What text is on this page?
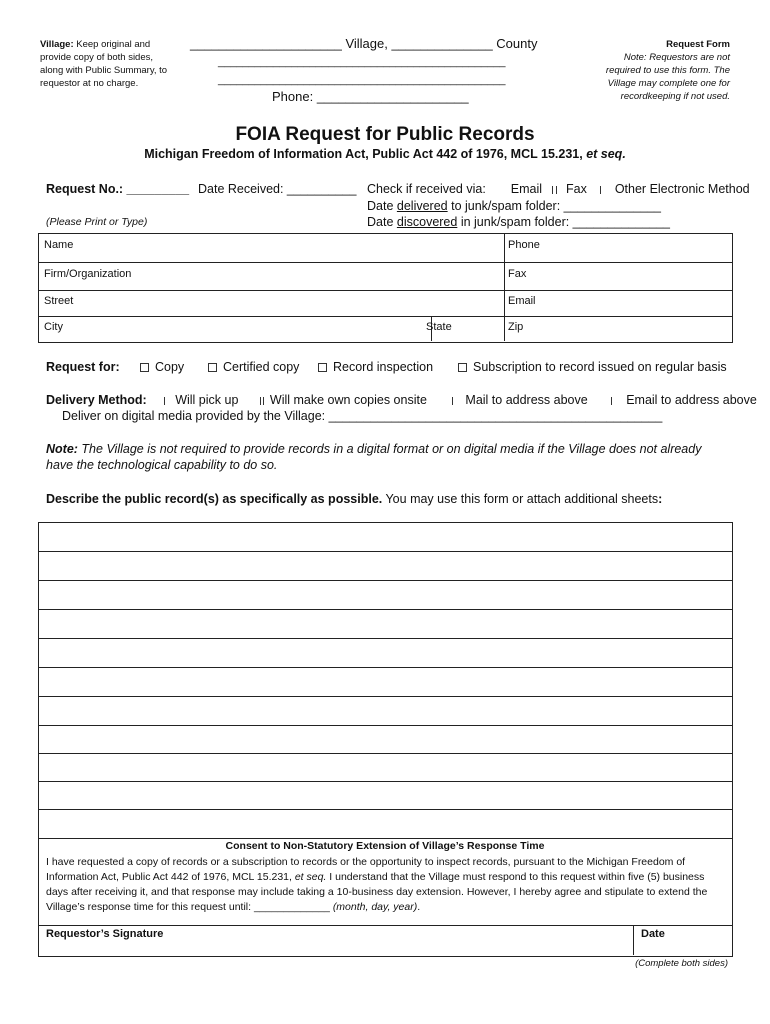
Village: Keep original and provide copy of both sides, along with Public Summary, to requestor at no charge.
_____________________ Village, ______________ County
_______________________________________________
_______________________________________________
Phone: _____________________
Request Form
Note: Requestors are not required to use this form. The Village may complete one for recordkeeping if not used.
FOIA Request for Public Records
Michigan Freedom of Information Act, Public Act 442 of 1976, MCL 15.231, et seq.
Request No.: _________ Date Received: __________ Check if received via: Email Fax Other Electronic Method
Date delivered to junk/spam folder: ______________
Date discovered in junk/spam folder: ______________
(Please Print or Type)
Name	Phone
Firm/Organization	Fax
Street	Email
City	State	Zip
Request for:	Copy	Certified copy	Record inspection	Subscription to record issued on regular basis
Delivery Method: Will pick up	Will make own copies onsite	Mail to address above	Email to address above
Deliver on digital media provided by the Village: ________________________________________________
Note: The Village is not required to provide records in a digital format or on digital media if the Village does not already have the technological capability to do so.
Describe the public record(s) as specifically as possible. You may use this form or attach additional sheets:
Consent to Non-Statutory Extension of Village’s Response Time
I have requested a copy of records or a subscription to records or the opportunity to inspect records, pursuant to the Michigan Freedom of Information Act, Public Act 442 of 1976, MCL 15.231, et seq. I understand that the Village must respond to this request within five (5) business days after receiving it, and that response may include taking a 10-business day extension. However, I hereby agree and stipulate to extend the Village’s response time for this request until: _____________ (month, day, year).
Requestor’s Signature	Date
(Complete both sides)
